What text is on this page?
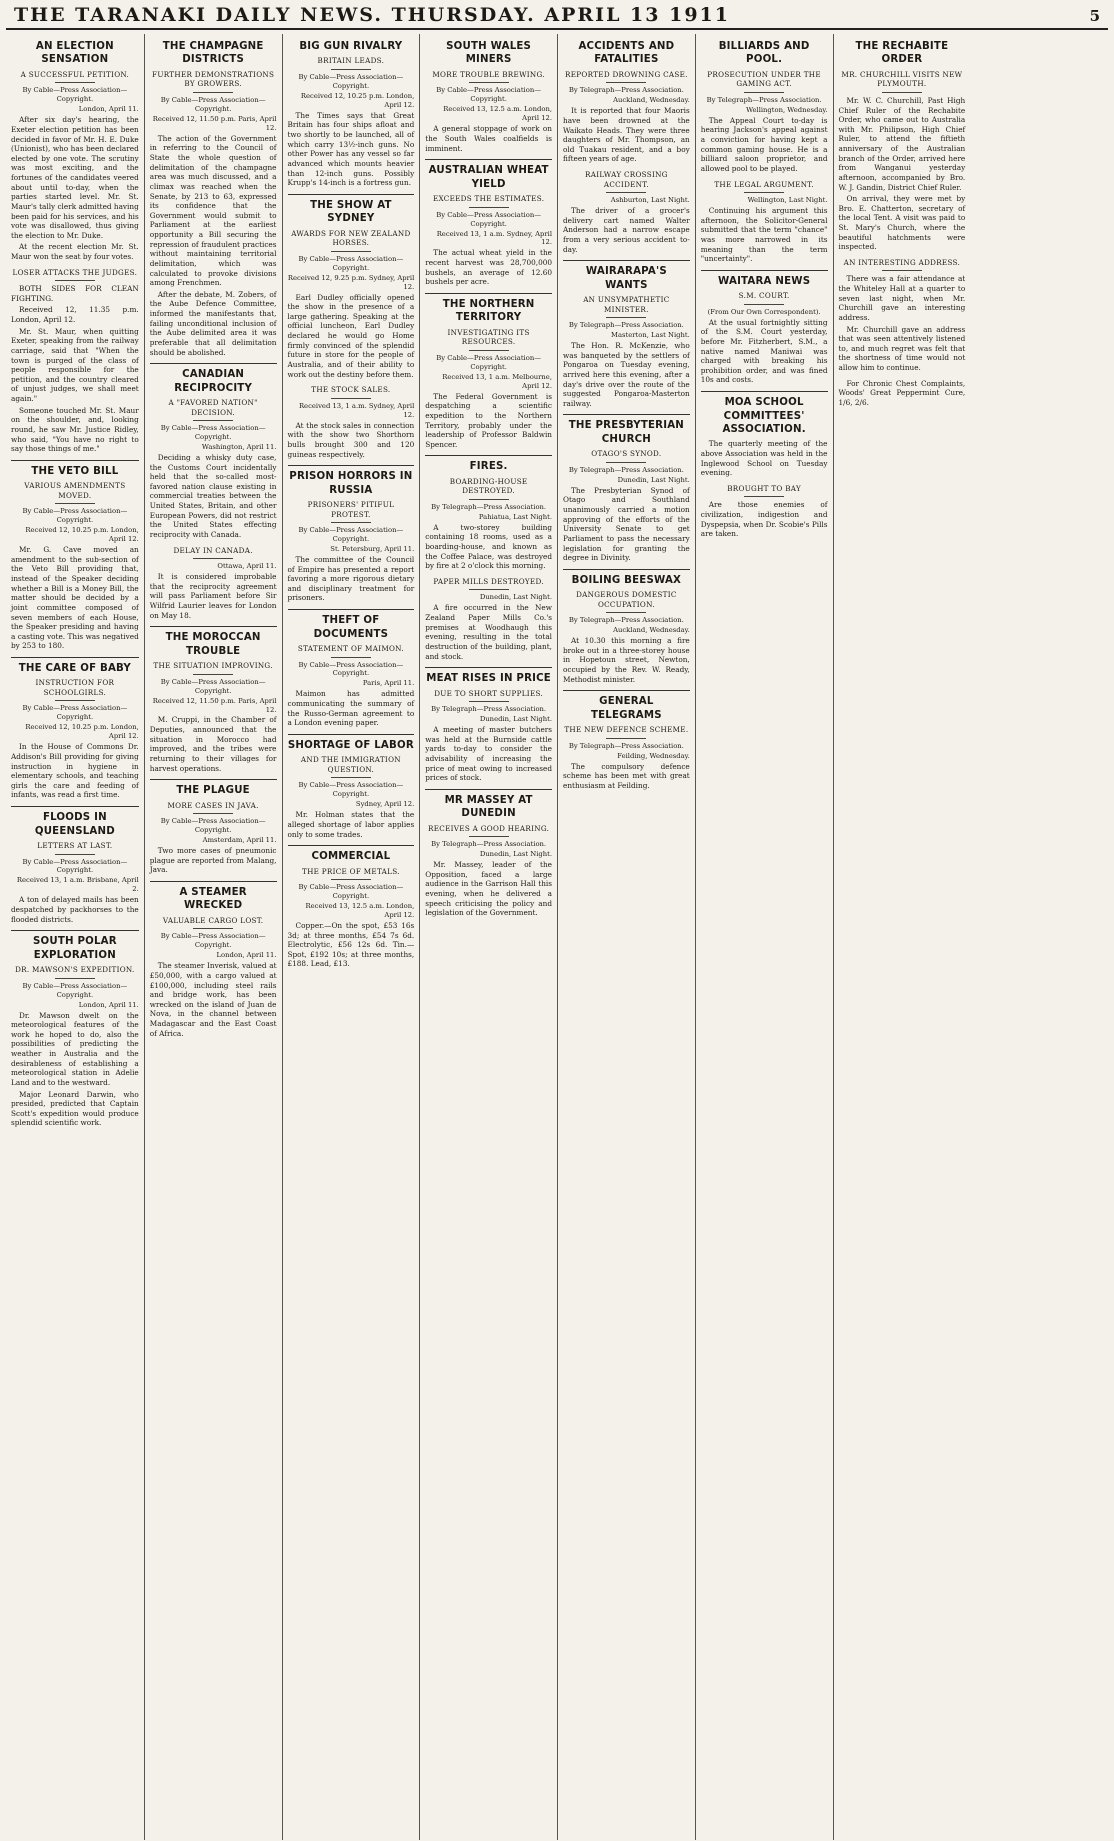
THE TARANAKI DAILY NEWS. THURSDAY. APRIL 13 1911	5
AN ELECTION SENSATION
A SUCCESSFUL PETITION.
By Cable—Press Association—Copyright.
London, April 11.

After six day's hearing, the Exeter election petition has been decided in favor of Mr. H. E. Duke (Unionist), who has been declared elected by one vote. The scrutiny was most exciting, and the fortunes of the candidates veered about until to-day, when the parties started level. Mr. St. Maur's tally clerk admitted having been paid for his services, and his vote was disallowed, thus giving the election to Mr. Duke.

At the recent election Mr. St. Maur won the seat by four votes.

LOSER ATTACKS THE JUDGES.

BOTH SIDES FOR CLEAN FIGHTING.

Received 12, 11.35 p.m. London, April 12.

Mr. St. Maur, when quitting Exeter, speaking from the railway carriage, said that "When the town is purged of the class of people responsible for the petition, and the country cleared of unjust judges, we shall meet again."

Someone touched Mr. St. Maur on the shoulder, and, looking round, he saw Mr. Justice Ridley, who said, "You have no right to say those things of me."

THE VETO BILL
VARIOUS AMENDMENTS MOVED.
By Cable—Press Association—Copyright.
Received 12, 10.25 p.m. London, April 12.

Mr. G. Cave moved an amendment to the sub-section of the Veto Bill providing that, instead of the Speaker deciding whether a Bill is a Money Bill, the matter should be decided by a joint committee composed of seven members of each House, the Speaker presiding and having a casting vote. This was negatived by 253 to 180.

THE CARE OF BABY
INSTRUCTION FOR SCHOOLGIRLS.
By Cable—Press Association—Copyright.
Received 12, 10.25 p.m. London, April 12.

In the House of Commons Dr. Addison's Bill providing for giving instruction in hygiene in elementary schools, and teaching girls the care and feeding of infants, was read a first time.

FLOODS IN QUEENSLAND
LETTERS AT LAST.
By Cable—Press Association—Copyright.
Received 13, 1 a.m. Brisbane, April 2.

A ton of delayed mails has been despatched by packhorses to the flooded districts.

SOUTH POLAR EXPLORATION
DR. MAWSON'S EXPEDITION.
By Cable—Press Association—Copyright.
London, April 11.

Dr. Mawson dwelt on the meteorological features of the work he hoped to do, also the possibilities of predicting the weather in Australia and the desirableness of establishing a meteorological station in Adelie Land and to the westward.

Major Leonard Darwin, who presided, predicted that Captain Scott's expedition would produce splendid scientific work.

THE CHAMPAGNE DISTRICTS
FURTHER DEMONSTRATIONS BY GROWERS.
By Cable—Press Association—Copyright.
Received 12, 11.50 p.m. Paris, April 12.

The action of the Government in referring to the Council of State the whole question of delimitation of the champagne area was much discussed, and a climax was reached when the Senate, by 213 to 63, expressed its confidence that the Government would submit to Parliament at the earliest opportunity a Bill securing the repression of fraudulent practices without maintaining territorial delimitation, which was calculated to provoke divisions among Frenchmen.

After the debate, M. Zobers, of the Aube Defence Committee, informed the manifestants that, failing unconditional inclusion of the Aube delimited area it was preferable that all delimitation should be abolished.

CANADIAN RECIPROCITY
A "FAVORED NATION" DECISION.
By Cable—Press Association—Copyright.
Washington, April 11.

Deciding a whisky duty case, the Customs Court incidentally held that the so-called most-favored nation clause existing in commercial treaties between the United States, Britain, and other European Powers, did not restrict the United States effecting reciprocity with Canada.

DELAY IN CANADA.
Ottawa, April 11.

It is considered improbable that the reciprocity agreement will pass Parliament before Sir Wilfrid Laurier leaves for London on May 18.

THE MOROCCAN TROUBLE
THE SITUATION IMPROVING.
By Cable—Press Association—Copyright.
Received 12, 11.50 p.m. Paris, April 12.

M. Cruppi, in the Chamber of Deputies, announced that the situation in Morocco had improved, and the tribes were returning to their villages for harvest operations.

THE PLAGUE
MORE CASES IN JAVA.
By Cable—Press Association—Copyright.
Amsterdam, April 11.

Two more cases of pneumonic plague are reported from Malang, Java.

A STEAMER WRECKED
VALUABLE CARGO LOST.
By Cable—Press Association—Copyright.
London, April 11.

The steamer Inverisk, valued at £50,000, with a cargo valued at £100,000, including steel rails and bridge work, has been wrecked on the island of Juan de Nova, in the channel between Madagascar and the East Coast of Africa.

BIG GUN RIVALRY
BRITAIN LEADS.
By Cable—Press Association—Copyright.
Received 12, 10.25 p.m. London, April 12.

The Times says that Great Britain has four ships afloat and two shortly to be launched, all of which carry 13½-inch guns. No other Power has any vessel so far advanced which mounts heavier than 12-inch guns. Possibly Krupp's 14-inch is a fortress gun.

THE SHOW AT SYDNEY
AWARDS FOR NEW ZEALAND HORSES.
By Cable—Press Association—Copyright.
Received 12, 9.25 p.m. Sydney, April 12.

Earl Dudley officially opened the show in the presence of a large gathering. Speaking at the official luncheon, Earl Dudley declared he would go Home firmly convinced of the splendid future in store for the people of Australia, and of their ability to work out the destiny before them.

THE STOCK SALES.
Received 13, 1 a.m. Sydney, April 12.

At the stock sales in connection with the show two Shorthorn bulls brought 300 and 120 guineas respectively.

PRISON HORRORS IN RUSSIA
PRISONERS' PITIFUL PROTEST.
By Cable—Press Association—Copyright.
St. Petersburg, April 11.

The committee of the Council of Empire has presented a report favoring a more rigorous dietary and disciplinary treatment for prisoners.

THEFT OF DOCUMENTS
STATEMENT OF MAIMON.
By Cable—Press Association—Copyright.
Paris, April 11.

Maimon has admitted communicating the summary of the Russo-German agreement to a London evening paper.

SHORTAGE OF LABOR
AND THE IMMIGRATION QUESTION.
By Cable—Press Association—Copyright.
Sydney, April 12.

Mr. Holman states that the alleged shortage of labor applies only to some trades.

COMMERCIAL
THE PRICE OF METALS.
By Cable—Press Association—Copyright.
Received 13, 12.5 a.m. London, April 12.

Copper.—On the spot, £53 16s 3d; at three months, £54 7s 6d. Electrolytic, £56 12s 6d. Tin.—Spot, £192 10s; at three months, £188. Lead, £13.

SOUTH WALES MINERS
MORE TROUBLE BREWING.
By Cable—Press Association—Copyright.
Received 13, 12.5 a.m. London, April 12.

A general stoppage of work on the South Wales coalfields is imminent.

AUSTRALIAN WHEAT YIELD
EXCEEDS THE ESTIMATES.
By Cable—Press Association—Copyright.
Received 13, 1 a.m. Sydney, April 12.

The actual wheat yield in the recent harvest was 28,700,000 bushels, an average of 12.60 bushels per acre.

THE NORTHERN TERRITORY
INVESTIGATING ITS RESOURCES.
By Cable—Press Association—Copyright.
Received 13, 1 a.m. Melbourne, April 12.

The Federal Government is despatching a scientific expedition to the Northern Territory, probably under the leadership of Professor Baldwin Spencer.

FIRES.
BOARDING-HOUSE DESTROYED.
By Telegraph—Press Association.
Pahiatua, Last Night.

A two-storey building containing 18 rooms, used as a boarding-house, and known as the Coffee Palace, was destroyed by fire at 2 o'clock this morning.

PAPER MILLS DESTROYED.
Dunedin, Last Night.

A fire occurred in the New Zealand Paper Mills Co.'s premises at Woodhaugh this evening, resulting in the total destruction of the building, plant, and stock.

MEAT RISES IN PRICE
DUE TO SHORT SUPPLIES.
By Telegraph—Press Association.
Dunedin, Last Night.

A meeting of master butchers was held at the Burnside cattle yards to-day to consider the advisability of increasing the price of meat owing to increased prices of stock.

MR MASSEY AT DUNEDIN
RECEIVES A GOOD HEARING.
By Telegraph—Press Association.
Dunedin, Last Night.

Mr. Massey, leader of the Opposition, faced a large audience in the Garrison Hall this evening, when he delivered a speech criticising the policy and legislation of the Government.

ACCIDENTS AND FATALITIES
REPORTED DROWNING CASE.
By Telegraph—Press Association.
Auckland, Wednesday.

It is reported that four Maoris have been drowned at the Waikato Heads. They were three daughters of Mr. Thompson, an old Tuakau resident, and a boy fifteen years of age.

RAILWAY CROSSING ACCIDENT.
Ashburton, Last Night.

The driver of a grocer's delivery cart named Walter Anderson had a narrow escape from a very serious accident to-day.

WAIRARAPA'S WANTS
AN UNSYMPATHETIC MINISTER.
By Telegraph—Press Association.
Masterton, Last Night.

The Hon. R. McKenzie, who was banqueted by the settlers of Pongaroa on Tuesday evening, arrived here this evening, after a day's drive over the route of the suggested Pongaroa-Masterton railway.

THE PRESBYTERIAN CHURCH
OTAGO'S SYNOD.
By Telegraph—Press Association.
Dunedin, Last Night.

The Presbyterian Synod of Otago and Southland unanimously carried a motion approving of the efforts of the University Senate to get Parliament to pass the necessary legislation for granting the degree in Divinity.

BOILING BEESWAX
DANGEROUS DOMESTIC OCCUPATION.
By Telegraph—Press Association.
Auckland, Wednesday.

At 10.30 this morning a fire broke out in a three-storey house in Hopetoun street, Newton, occupied by the Rev. W. Ready, Methodist minister.

GENERAL TELEGRAMS
THE NEW DEFENCE SCHEME.
By Telegraph—Press Association.
Feilding, Wednesday.

The compulsory defence scheme has been met with great enthusiasm at Feilding.

BILLIARDS AND POOL.
PROSECUTION UNDER THE GAMING ACT.
By Telegraph—Press Association.
Wellington, Wednesday.

The Appeal Court to-day is hearing Jackson's appeal against a conviction for having kept a common gaming house. He is a billiard saloon proprietor, and allowed pool to be played.

THE LEGAL ARGUMENT.
Wellington, Last Night.

Continuing his argument this afternoon, the Solicitor-General submitted that the term "chance" was more narrowed in its meaning than the term "uncertainty".

WAITARA NEWS
S.M. COURT.
(From Our Own Correspondent).

At the usual fortnightly sitting of the S.M. Court yesterday, before Mr. Fitzherbert, S.M., a native named Maniwai was charged with breaking his prohibition order, and was fined 10s and costs.

MOA SCHOOL COMMITTEES' ASSOCIATION.

The quarterly meeting of the above Association was held in the Inglewood School on Tuesday evening.

BROUGHT TO BAY

Are those enemies of civilization, indigestion and Dyspepsia, when Dr. Scobie's Pills are taken.

THE RECHABITE ORDER
MR. CHURCHILL VISITS NEW PLYMOUTH.

Mr. W. C. Churchill, Past High Chief Ruler of the Rechabite Order, who came out to Australia with Mr. Philipson, High Chief Ruler, to attend the fiftieth anniversary of the Australian branch of the Order, arrived here from Wanganui yesterday afternoon, accompanied by Bro. W. J. Gandin, District Chief Ruler.

On arrival, they were met by Bro. E. Chatterton, secretary of the local Tent. A visit was paid to St. Mary's Church, where the beautiful hatchments were inspected.

AN INTERESTING ADDRESS.

There was a fair attendance at the Whiteley Hall at a quarter to seven last night, when Mr. Churchill gave an interesting address.

Mr. Churchill gave an address that was seen attentively listened to, and much regret was felt that the shortness of time would not allow him to continue.

For Chronic Chest Complaints, Woods' Great Peppermint Cure, 1/6, 2/6.
